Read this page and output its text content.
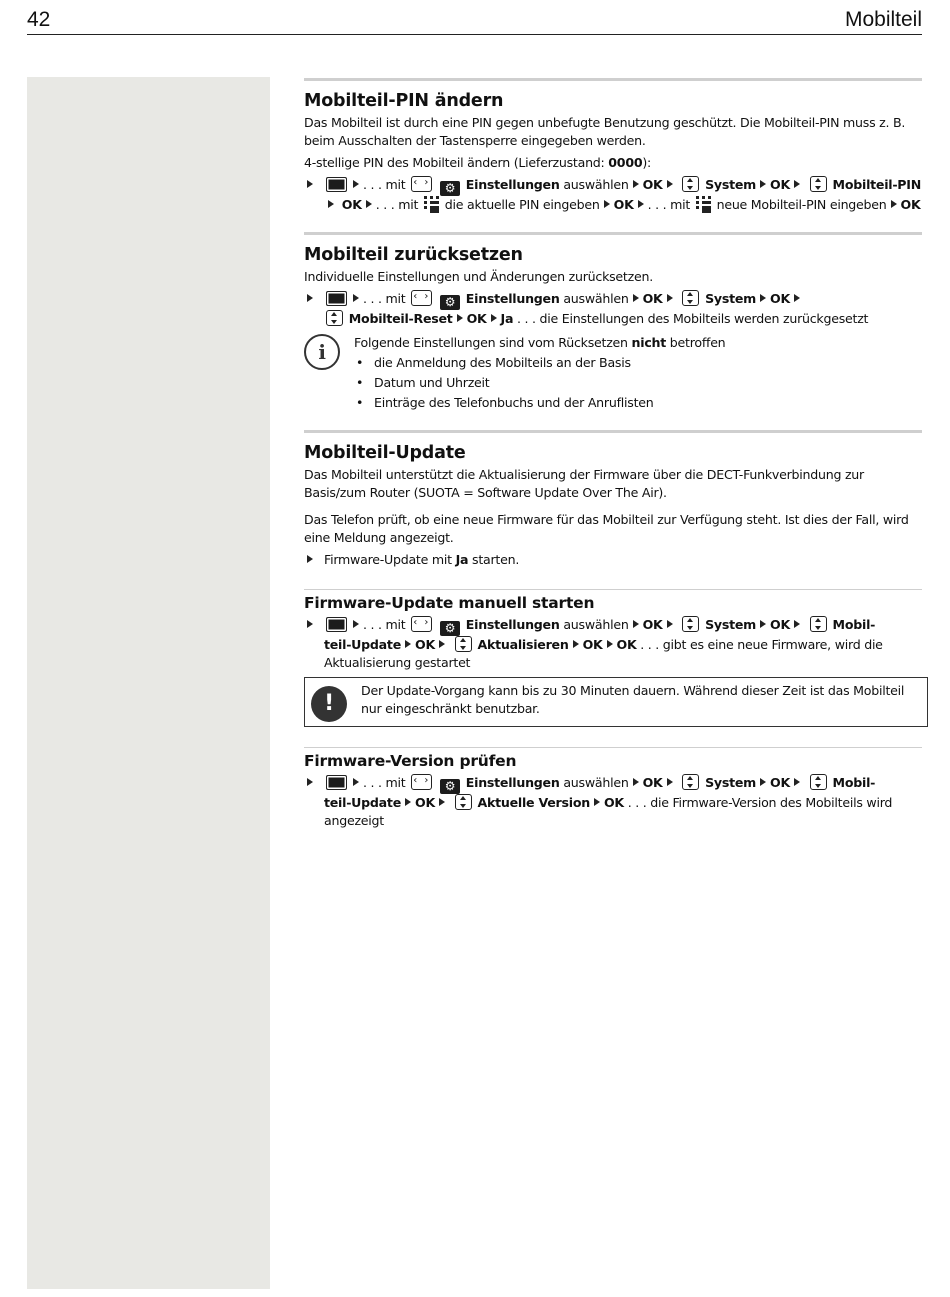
42	Mobilteil
Mobilteil-PIN ändern

Das Mobilteil ist durch eine PIN gegen unbefugte Benutzung geschützt. Die Mobilteil-PIN muss z. B. beim Ausschalten der Tastensperre eingegeben werden.

4-stellige PIN des Mobilteil ändern (Lieferzustand: 0000):

. . . mit ‹ ›	⚙ Einstellungen auswählen OK	System OK	Mobilteil-PIN OK . . . mit die aktuelle PIN eingeben OK . . . mit neue Mobilteil-PIN eingeben OK
Mobilteil zurücksetzen

Individuelle Einstellungen und Änderungen zurücksetzen.

. . . mit ‹ ›	⚙ Einstellungen auswählen OK	System OK
Mobilteil-Reset OK Ja . . . die Einstellungen des Mobilteils werden zurückgesetzt
i	Folgende Einstellungen sind vom Rücksetzen nicht betroffen
• die Anmeldung des Mobilteils an der Basis
• Datum und Uhrzeit
• Einträge des Telefonbuchs und der Anruflisten
Mobilteil-Update

Das Mobilteil unterstützt die Aktualisierung der Firmware über die DECT-Funkverbindung zur Basis/zum Router (SUOTA = Software Update Over The Air).

Das Telefon prüft, ob eine neue Firmware für das Mobilteil zur Verfügung steht. Ist dies der Fall, wird eine Meldung angezeigt.

Firmware-Update mit Ja starten.
Firmware-Update manuell starten
. . . mit ‹ ›	⚙ Einstellungen auswählen OK	System OK	Mobil-
teil-Update OK	Aktualisieren OK OK . . . gibt es eine neue Firmware, wird die Aktualisierung gestartet
!
Der Update-Vorgang kann bis zu 30 Minuten dauern. Während dieser Zeit ist das Mobilteil nur eingeschränkt benutzbar.
Firmware-Version prüfen
. . . mit ‹ ›	⚙ Einstellungen auswählen OK	System OK	Mobil-
teil-Update OK	Aktuelle Version OK . . . die Firmware-Version des Mobilteils wird angezeigt
